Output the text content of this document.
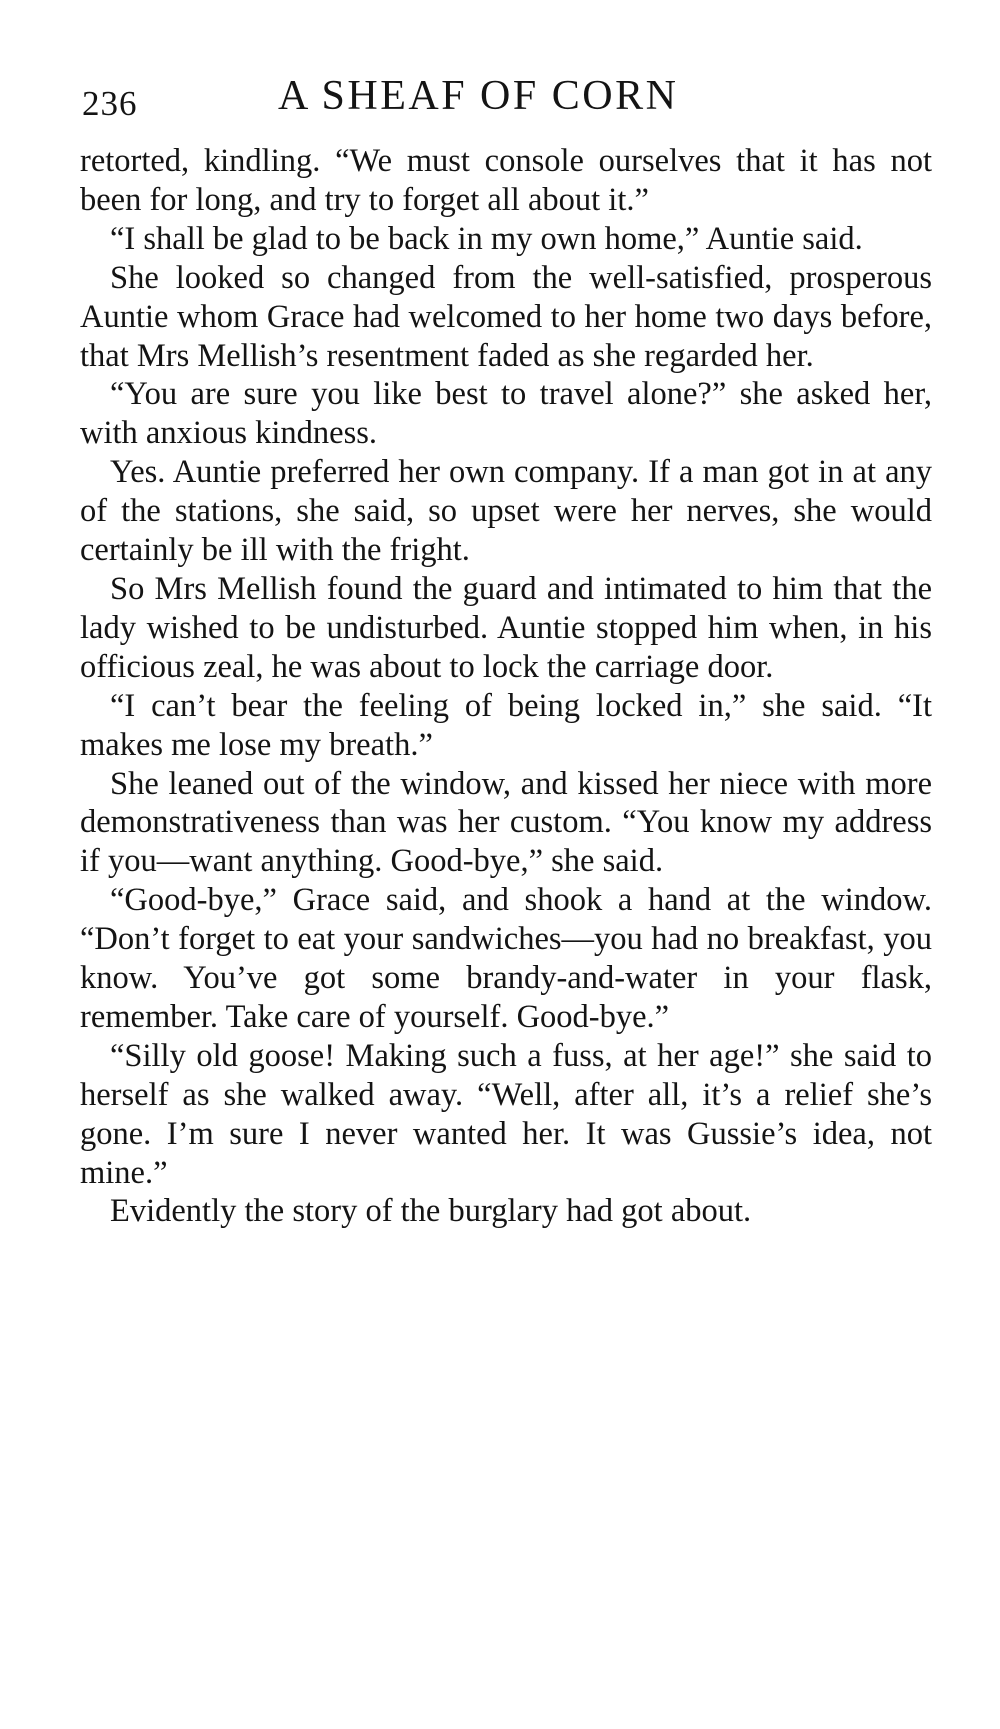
236	A SHEAF OF CORN

retorted, kindling. “We must console ourselves that it has not been for long, and try to forget all about it.”

“I shall be glad to be back in my own home,” Auntie said.

She looked so changed from the well-satisfied, prosperous Auntie whom Grace had welcomed to her home two days before, that Mrs Mellish’s resentment faded as she regarded her.

“You are sure you like best to travel alone?” she asked her, with anxious kindness.

Yes. Auntie preferred her own company. If a man got in at any of the stations, she said, so upset were her nerves, she would certainly be ill with the fright.

So Mrs Mellish found the guard and intimated to him that the lady wished to be undisturbed. Auntie stopped him when, in his officious zeal, he was about to lock the carriage door.

“I can’t bear the feeling of being locked in,” she said. “It makes me lose my breath.”

She leaned out of the window, and kissed her niece with more demonstrativeness than was her custom. “You know my address if you—want anything. Good-bye,” she said.

“Good-bye,” Grace said, and shook a hand at the window. “Don’t forget to eat your sandwiches—you had no breakfast, you know. You’ve got some brandy-and-water in your flask, remember. Take care of yourself. Good-bye.”

“Silly old goose! Making such a fuss, at her age!” she said to herself as she walked away. “Well, after all, it’s a relief she’s gone. I’m sure I never wanted her. It was Gussie’s idea, not mine.”

Evidently the story of the burglary had got about.
